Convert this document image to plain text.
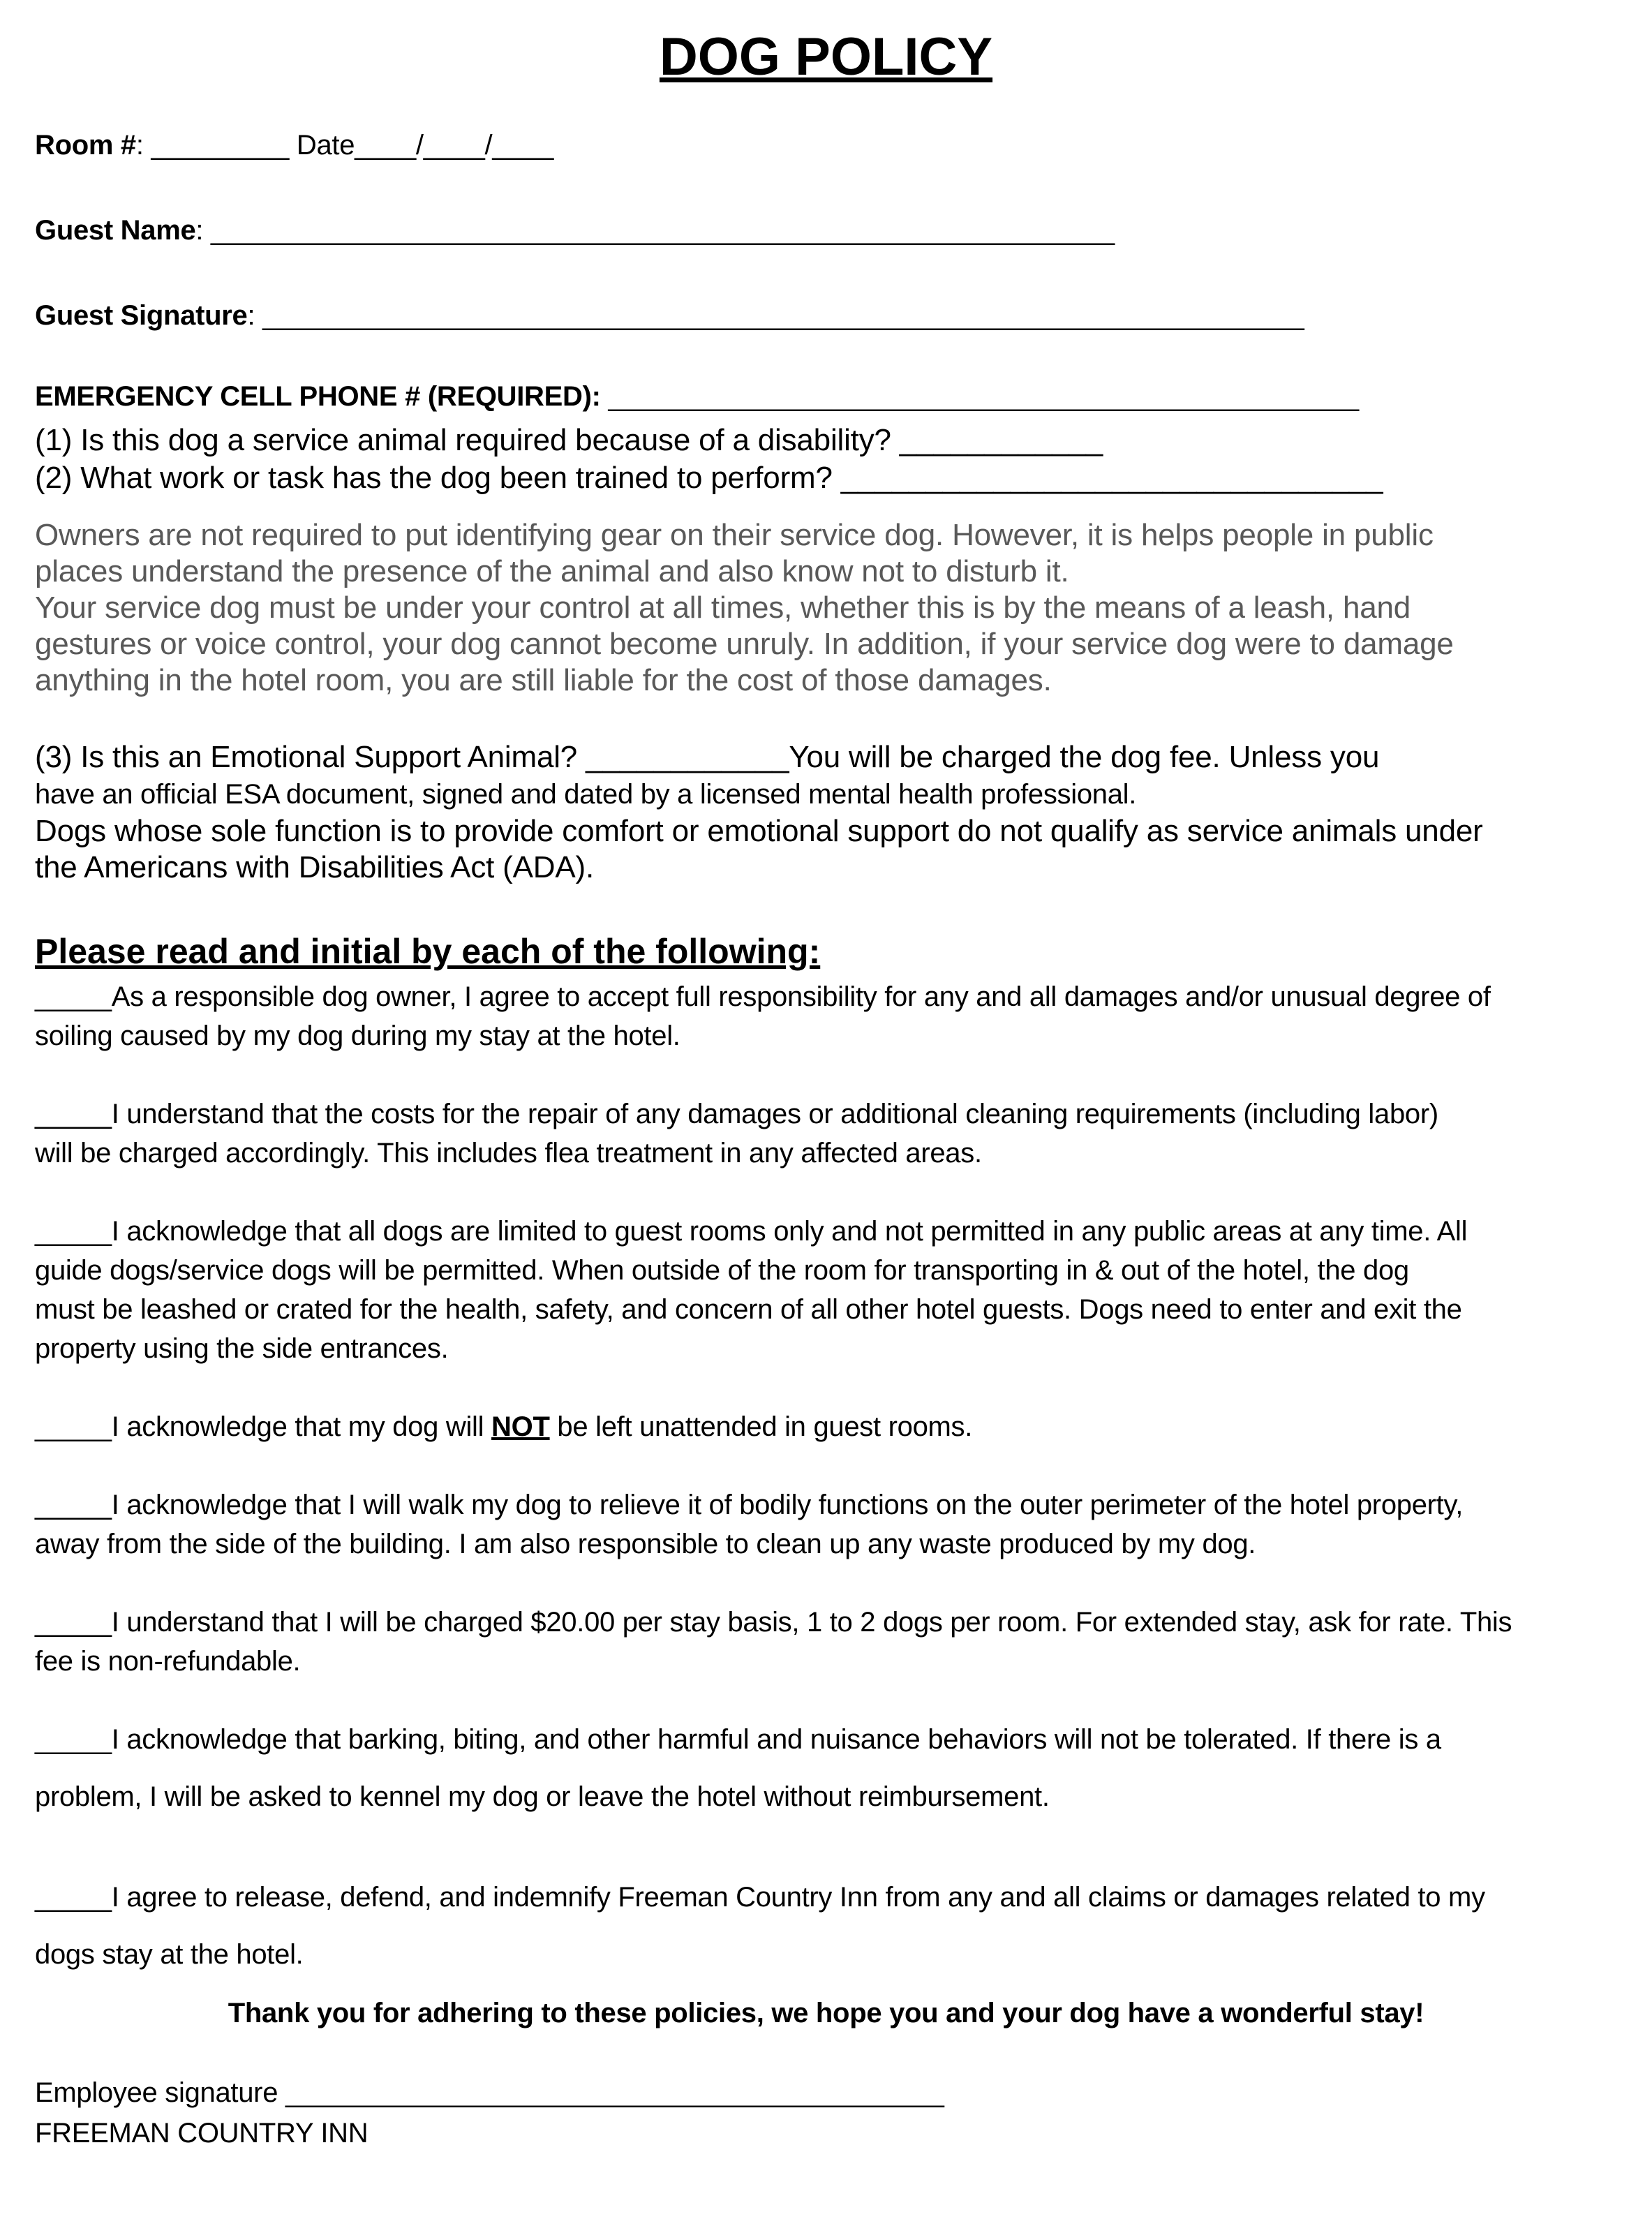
DOG POLICY

Room #: _________ Date____/____/____

Guest Name: ___________________________________________________________

Guest Signature: ____________________________________________________________________

EMERGENCY CELL PHONE # (REQUIRED): _________________________________________________

(1) Is this dog a service animal required because of a disability? ____________

(2) What work or task has the dog been trained to perform? ________________________________

Owners are not required to put identifying gear on their service dog. However, it is helps people in public

places understand the presence of the animal and also know not to disturb it.

Your service dog must be under your control at all times, whether this is by the means of a leash, hand

gestures or voice control, your dog cannot become unruly. In addition, if your service dog were to damage

anything in the hotel room, you are still liable for the cost of those damages.

(3) Is this an Emotional Support Animal? ____________You will be charged the dog fee. Unless you

have an official ESA document, signed and dated by a licensed mental health professional.

Dogs whose sole function is to provide comfort or emotional support do not qualify as service animals under

the Americans with Disabilities Act (ADA).

Please read and initial by each of the following:

_____As a responsible dog owner, I agree to accept full responsibility for any and all damages and/or unusual degree of

soiling caused by my dog during my stay at the hotel.

_____I understand that the costs for the repair of any damages or additional cleaning requirements (including labor)

will be charged accordingly. This includes flea treatment in any affected areas.

_____I acknowledge that all dogs are limited to guest rooms only and not permitted in any public areas at any time. All

guide dogs/service dogs will be permitted. When outside of the room for transporting in & out of the hotel, the dog

must be leashed or crated for the health, safety, and concern of all other hotel guests. Dogs need to enter and exit the

property using the side entrances.

_____I acknowledge that my dog will NOT be left unattended in guest rooms.

_____I acknowledge that I will walk my dog to relieve it of bodily functions on the outer perimeter of the hotel property,

away from the side of the building. I am also responsible to clean up any waste produced by my dog.

_____I understand that I will be charged $20.00 per stay basis, 1 to 2 dogs per room. For extended stay, ask for rate. This

fee is non-refundable.

_____I acknowledge that barking, biting, and other harmful and nuisance behaviors will not be tolerated. If there is a

problem, I will be asked to kennel my dog or leave the hotel without reimbursement.

_____I agree to release, defend, and indemnify Freeman Country Inn from any and all claims or damages related to my

dogs stay at the hotel.

Thank you for adhering to these policies, we hope you and your dog have a wonderful stay!

Employee signature ___________________________________________

FREEMAN COUNTRY INN
